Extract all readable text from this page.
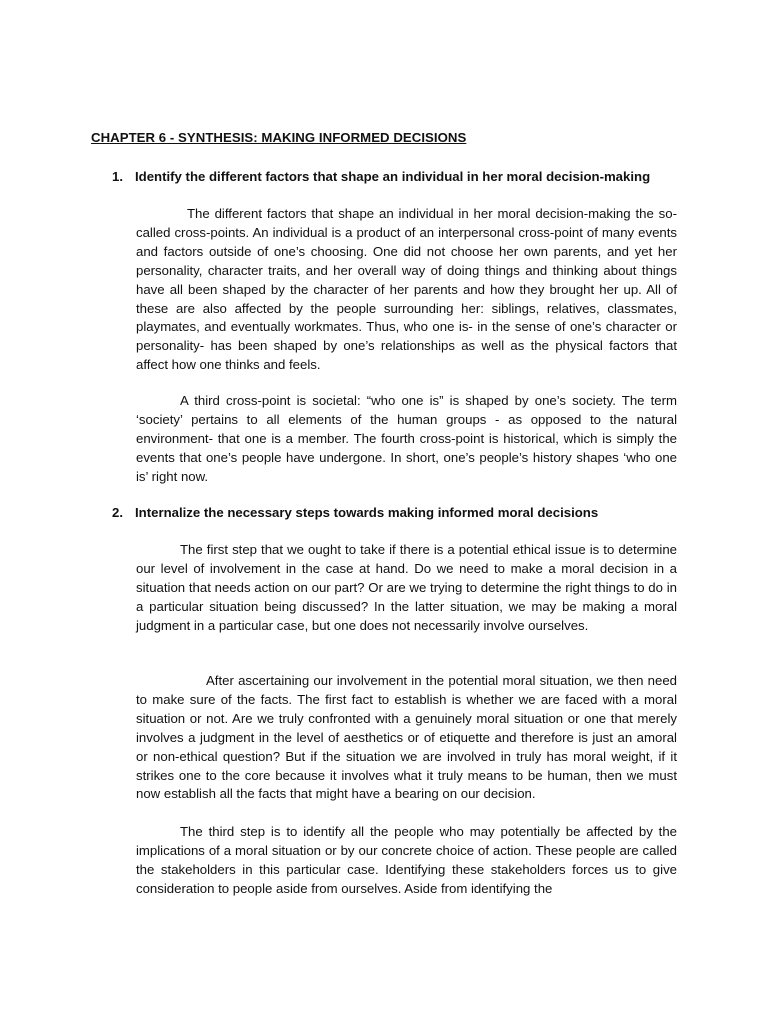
CHAPTER 6 - SYNTHESIS: MAKING INFORMED DECISIONS
1. Identify the different factors that shape an individual in her moral decision-making

The different factors that shape an individual in her moral decision-making the so-called cross-points. An individual is a product of an interpersonal cross-point of many events and factors outside of one’s choosing. One did not choose her own parents, and yet her personality, character traits, and her overall way of doing things and thinking about things have all been shaped by the character of her parents and how they brought her up. All of these are also affected by the people surrounding her: siblings, relatives, classmates, playmates, and eventually workmates. Thus, who one is- in the sense of one’s character or personality- has been shaped by one’s relationships as well as the physical factors that affect how one thinks and feels.

A third cross-point is societal: “who one is” is shaped by one’s society. The term ‘society’ pertains to all elements of the human groups - as opposed to the natural environment- that one is a member. The fourth cross-point is historical, which is simply the events that one’s people have undergone. In short, one’s people’s history shapes ‘who one is’ right now.

2. Internalize the necessary steps towards making informed moral decisions

The first step that we ought to take if there is a potential ethical issue is to determine our level of involvement in the case at hand. Do we need to make a moral decision in a situation that needs action on our part? Or are we trying to determine the right things to do in a particular situation being discussed? In the latter situation, we may be making a moral judgment in a particular case, but one does not necessarily involve ourselves.

After ascertaining our involvement in the potential moral situation, we then need to make sure of the facts. The first fact to establish is whether we are faced with a moral situation or not. Are we truly confronted with a genuinely moral situation or one that merely involves a judgment in the level of aesthetics or of etiquette and therefore is just an amoral or non-ethical question? But if the situation we are involved in truly has moral weight, if it strikes one to the core because it involves what it truly means to be human, then we must now establish all the facts that might have a bearing on our decision.

The third step is to identify all the people who may potentially be affected by the implications of a moral situation or by our concrete choice of action. These people are called the stakeholders in this particular case. Identifying these stakeholders forces us to give consideration to people aside from ourselves. Aside from identifying the
